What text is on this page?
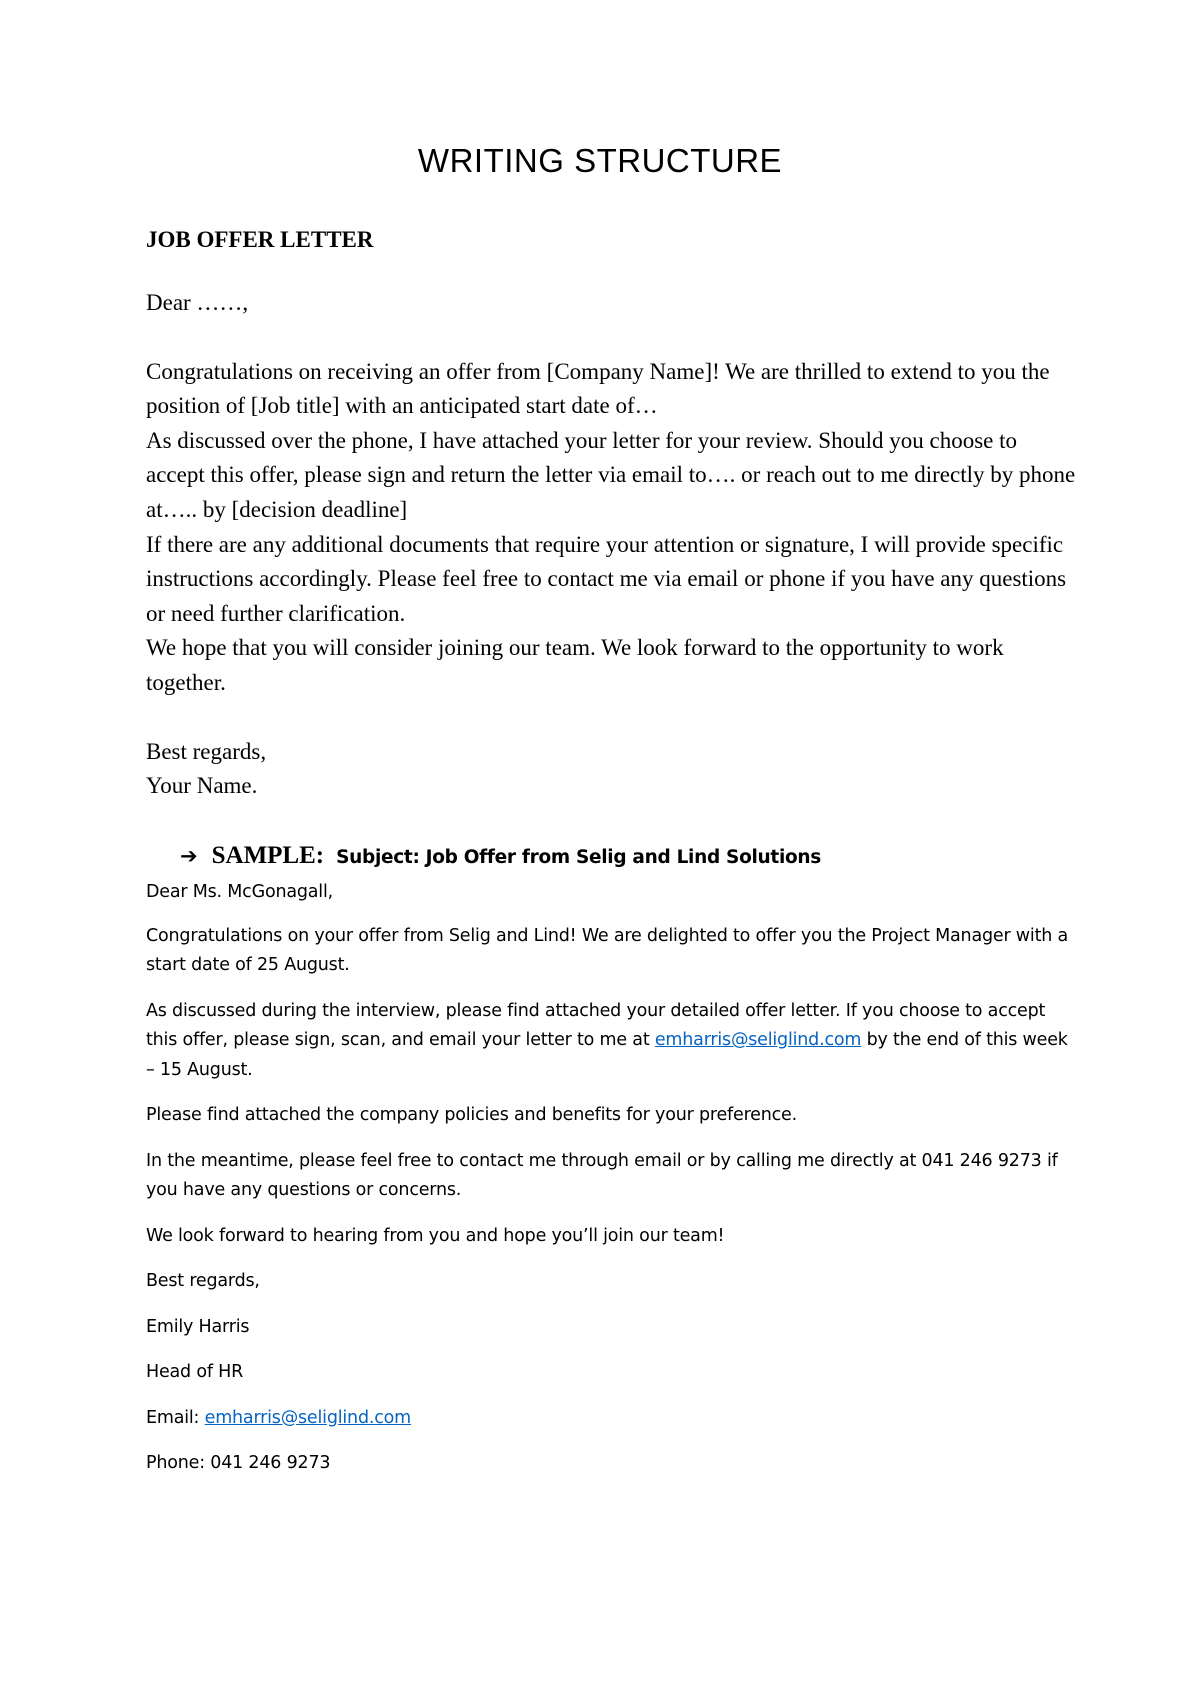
WRITING STRUCTURE

JOB OFFER LETTER

Dear ……,

Congratulations on receiving an offer from [Company Name]! We are thrilled to extend to you the position of [Job title] with an anticipated start date of…

As discussed over the phone, I have attached your letter for your review. Should you choose to accept this offer, please sign and return the letter via email to…. or reach out to me directly by phone at….. by [decision deadline]

If there are any additional documents that require your attention or signature, I will provide specific instructions accordingly. Please feel free to contact me via email or phone if you have any questions or need further clarification.

We hope that you will consider joining our team. We look forward to the opportunity to work together.

Best regards,

Your Name.

➔ SAMPLE: Subject: Job Offer from Selig and Lind Solutions

Dear Ms. McGonagall,

Congratulations on your offer from Selig and Lind! We are delighted to offer you the Project Manager with a start date of 25 August.

As discussed during the interview, please find attached your detailed offer letter. If you choose to accept this offer, please sign, scan, and email your letter to me at emharris@seliglind.com by the end of this week – 15 August.

Please find attached the company policies and benefits for your preference.

In the meantime, please feel free to contact me through email or by calling me directly at 041 246 9273 if you have any questions or concerns.

We look forward to hearing from you and hope you’ll join our team!

Best regards,

Emily Harris

Head of HR

Email: emharris@seliglind.com

Phone: 041 246 9273
